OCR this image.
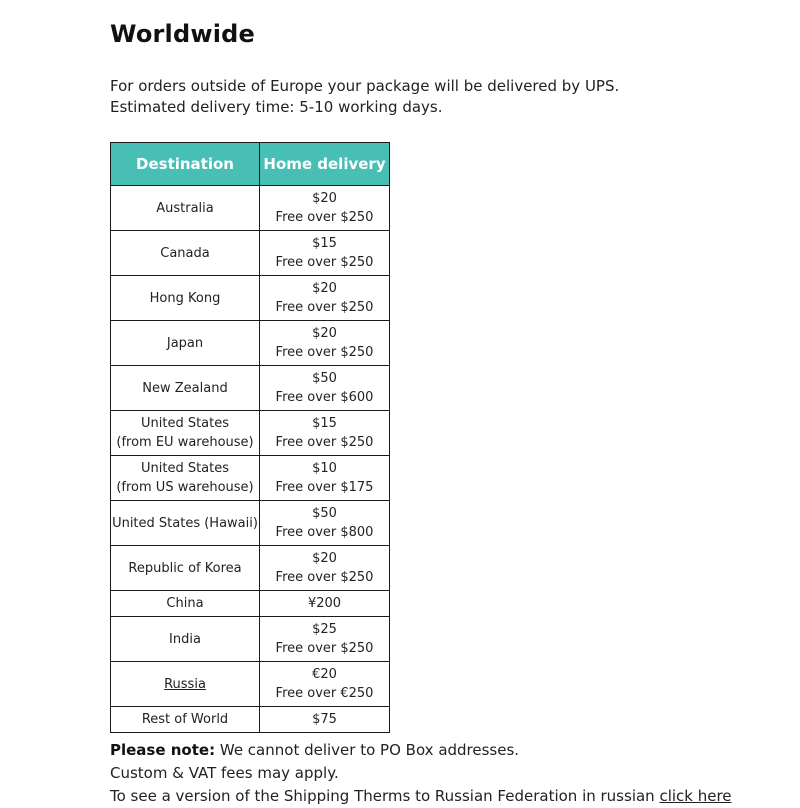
Worldwide
For orders outside of Europe your package will be delivered by UPS.
Estimated delivery time: 5-10 working days.
Destination	Home delivery

Australia	$20
Free over $250

Canada	$15
Free over $250

Hong Kong	$20
Free over $250

Japan	$20
Free over $250

New Zealand	$50
Free over $600

United States
(from EU warehouse)	$15
Free over $250

United States
(from US warehouse)	$10
Free over $175

United States (Hawaii)	$50
Free over $800

Republic of Korea	$20
Free over $250

China	¥200

India	$25
Free over $250

Russia	€20
Free over €250

Rest of World	$75
Please note: We cannot deliver to PO Box addresses.
Custom & VAT fees may apply.
To see a version of the Shipping Therms to Russian Federation in russian click here
